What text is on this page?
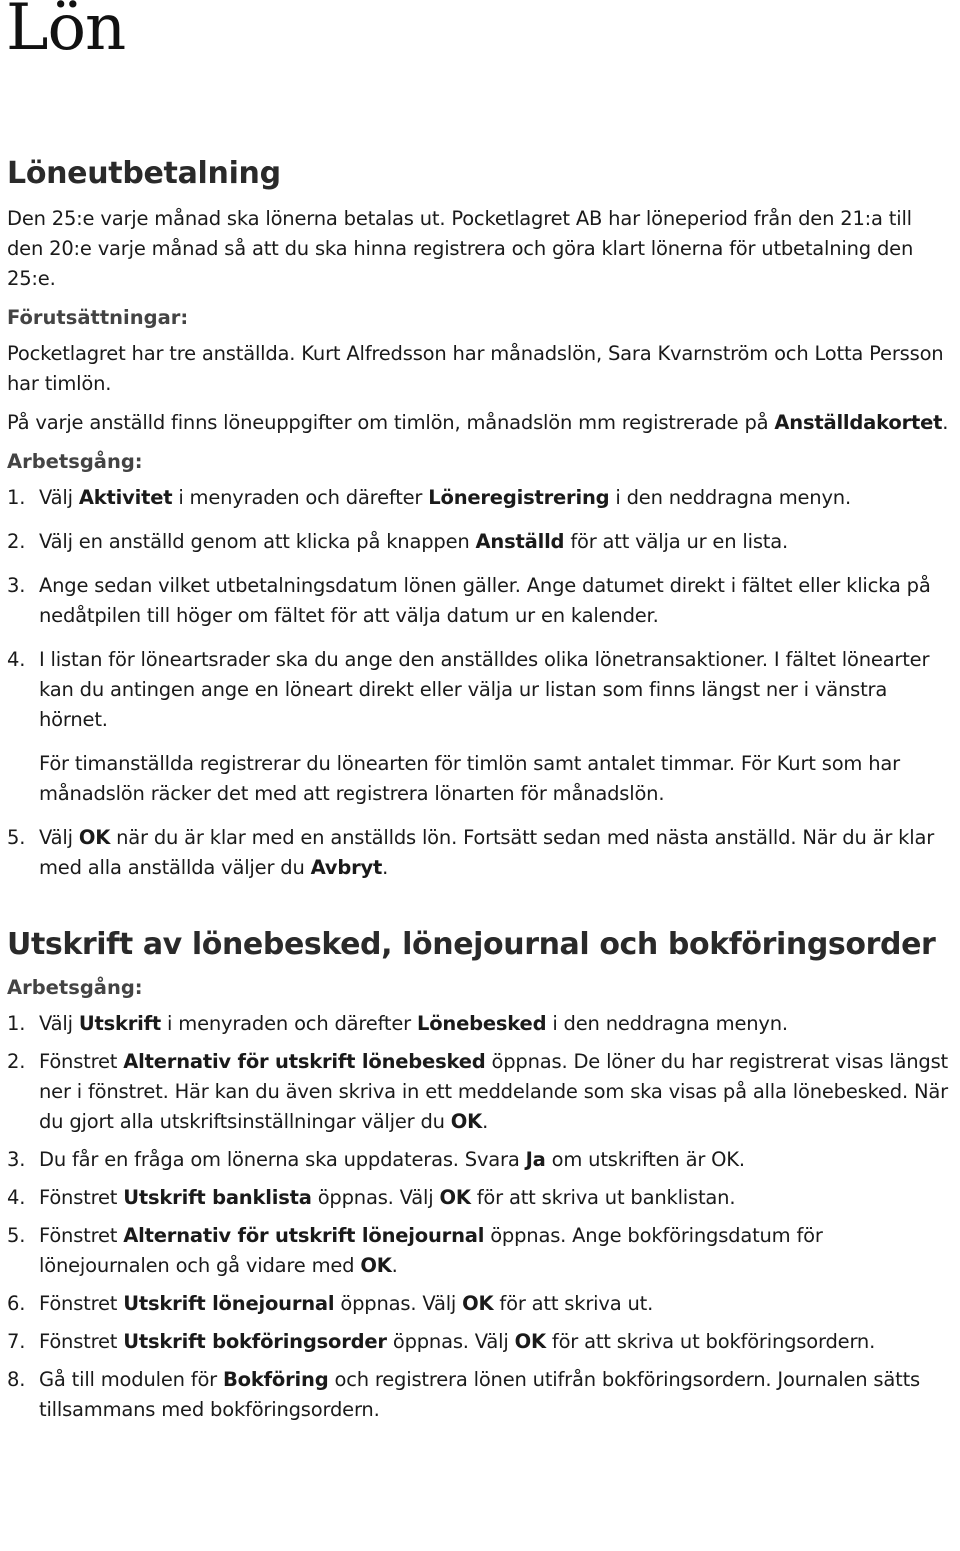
Lön
Löneutbetalning

Den 25:e varje månad ska lönerna betalas ut. Pocketlagret AB har löneperiod från den 21:a till den 20:e varje månad så att du ska hinna registrera och göra klart lönerna för utbetalning den 25:e.

Förutsättningar:

Pocketlagret har tre anställda. Kurt Alfredsson har månadslön, Sara Kvarnström och Lotta Persson har timlön.

På varje anställd finns löneuppgifter om timlön, månadslön mm registrerade på Anställdakortet.

Arbetsgång:
1. Välj Aktivitet i menyraden och därefter Löneregistrering i den neddragna menyn.
2. Välj en anställd genom att klicka på knappen Anställd för att välja ur en lista.
3. Ange sedan vilket utbetalningsdatum lönen gäller. Ange datumet direkt i fältet eller klicka på nedåtpilen till höger om fältet för att välja datum ur en kalender.
4. I listan för löneartsrader ska du ange den anställdes olika lönetransaktioner. I fältet lönearter kan du antingen ange en löneart direkt eller välja ur listan som finns längst ner i vänstra hörnet.
För timanställda registrerar du lönearten för timlön samt antalet timmar. För Kurt som har månadslön räcker det med att registrera lönarten för månadslön.
5. Välj OK när du är klar med en anställds lön. Fortsätt sedan med nästa anställd. När du är klar med alla anställda väljer du Avbryt.
Utskrift av lönebesked, lönejournal och bokföringsorder
Arbetsgång:
1. Välj Utskrift i menyraden och därefter Lönebesked i den neddragna menyn.
2. Fönstret Alternativ för utskrift lönebesked öppnas. De löner du har registrerat visas längst ner i fönstret. Här kan du även skriva in ett meddelande som ska visas på alla lönebesked. När du gjort alla utskriftsinställningar väljer du OK.
3. Du får en fråga om lönerna ska uppdateras. Svara Ja om utskriften är OK.
4. Fönstret Utskrift banklista öppnas. Välj OK för att skriva ut banklistan.
5. Fönstret Alternativ för utskrift lönejournal öppnas. Ange bokföringsdatum för lönejournalen och gå vidare med OK.
6. Fönstret Utskrift lönejournal öppnas. Välj OK för att skriva ut.
7. Fönstret Utskrift bokföringsorder öppnas. Välj OK för att skriva ut bokföringsordern.
8. Gå till modulen för Bokföring och registrera lönen utifrån bokföringsordern. Journalen sätts tillsammans med bokföringsordern.
